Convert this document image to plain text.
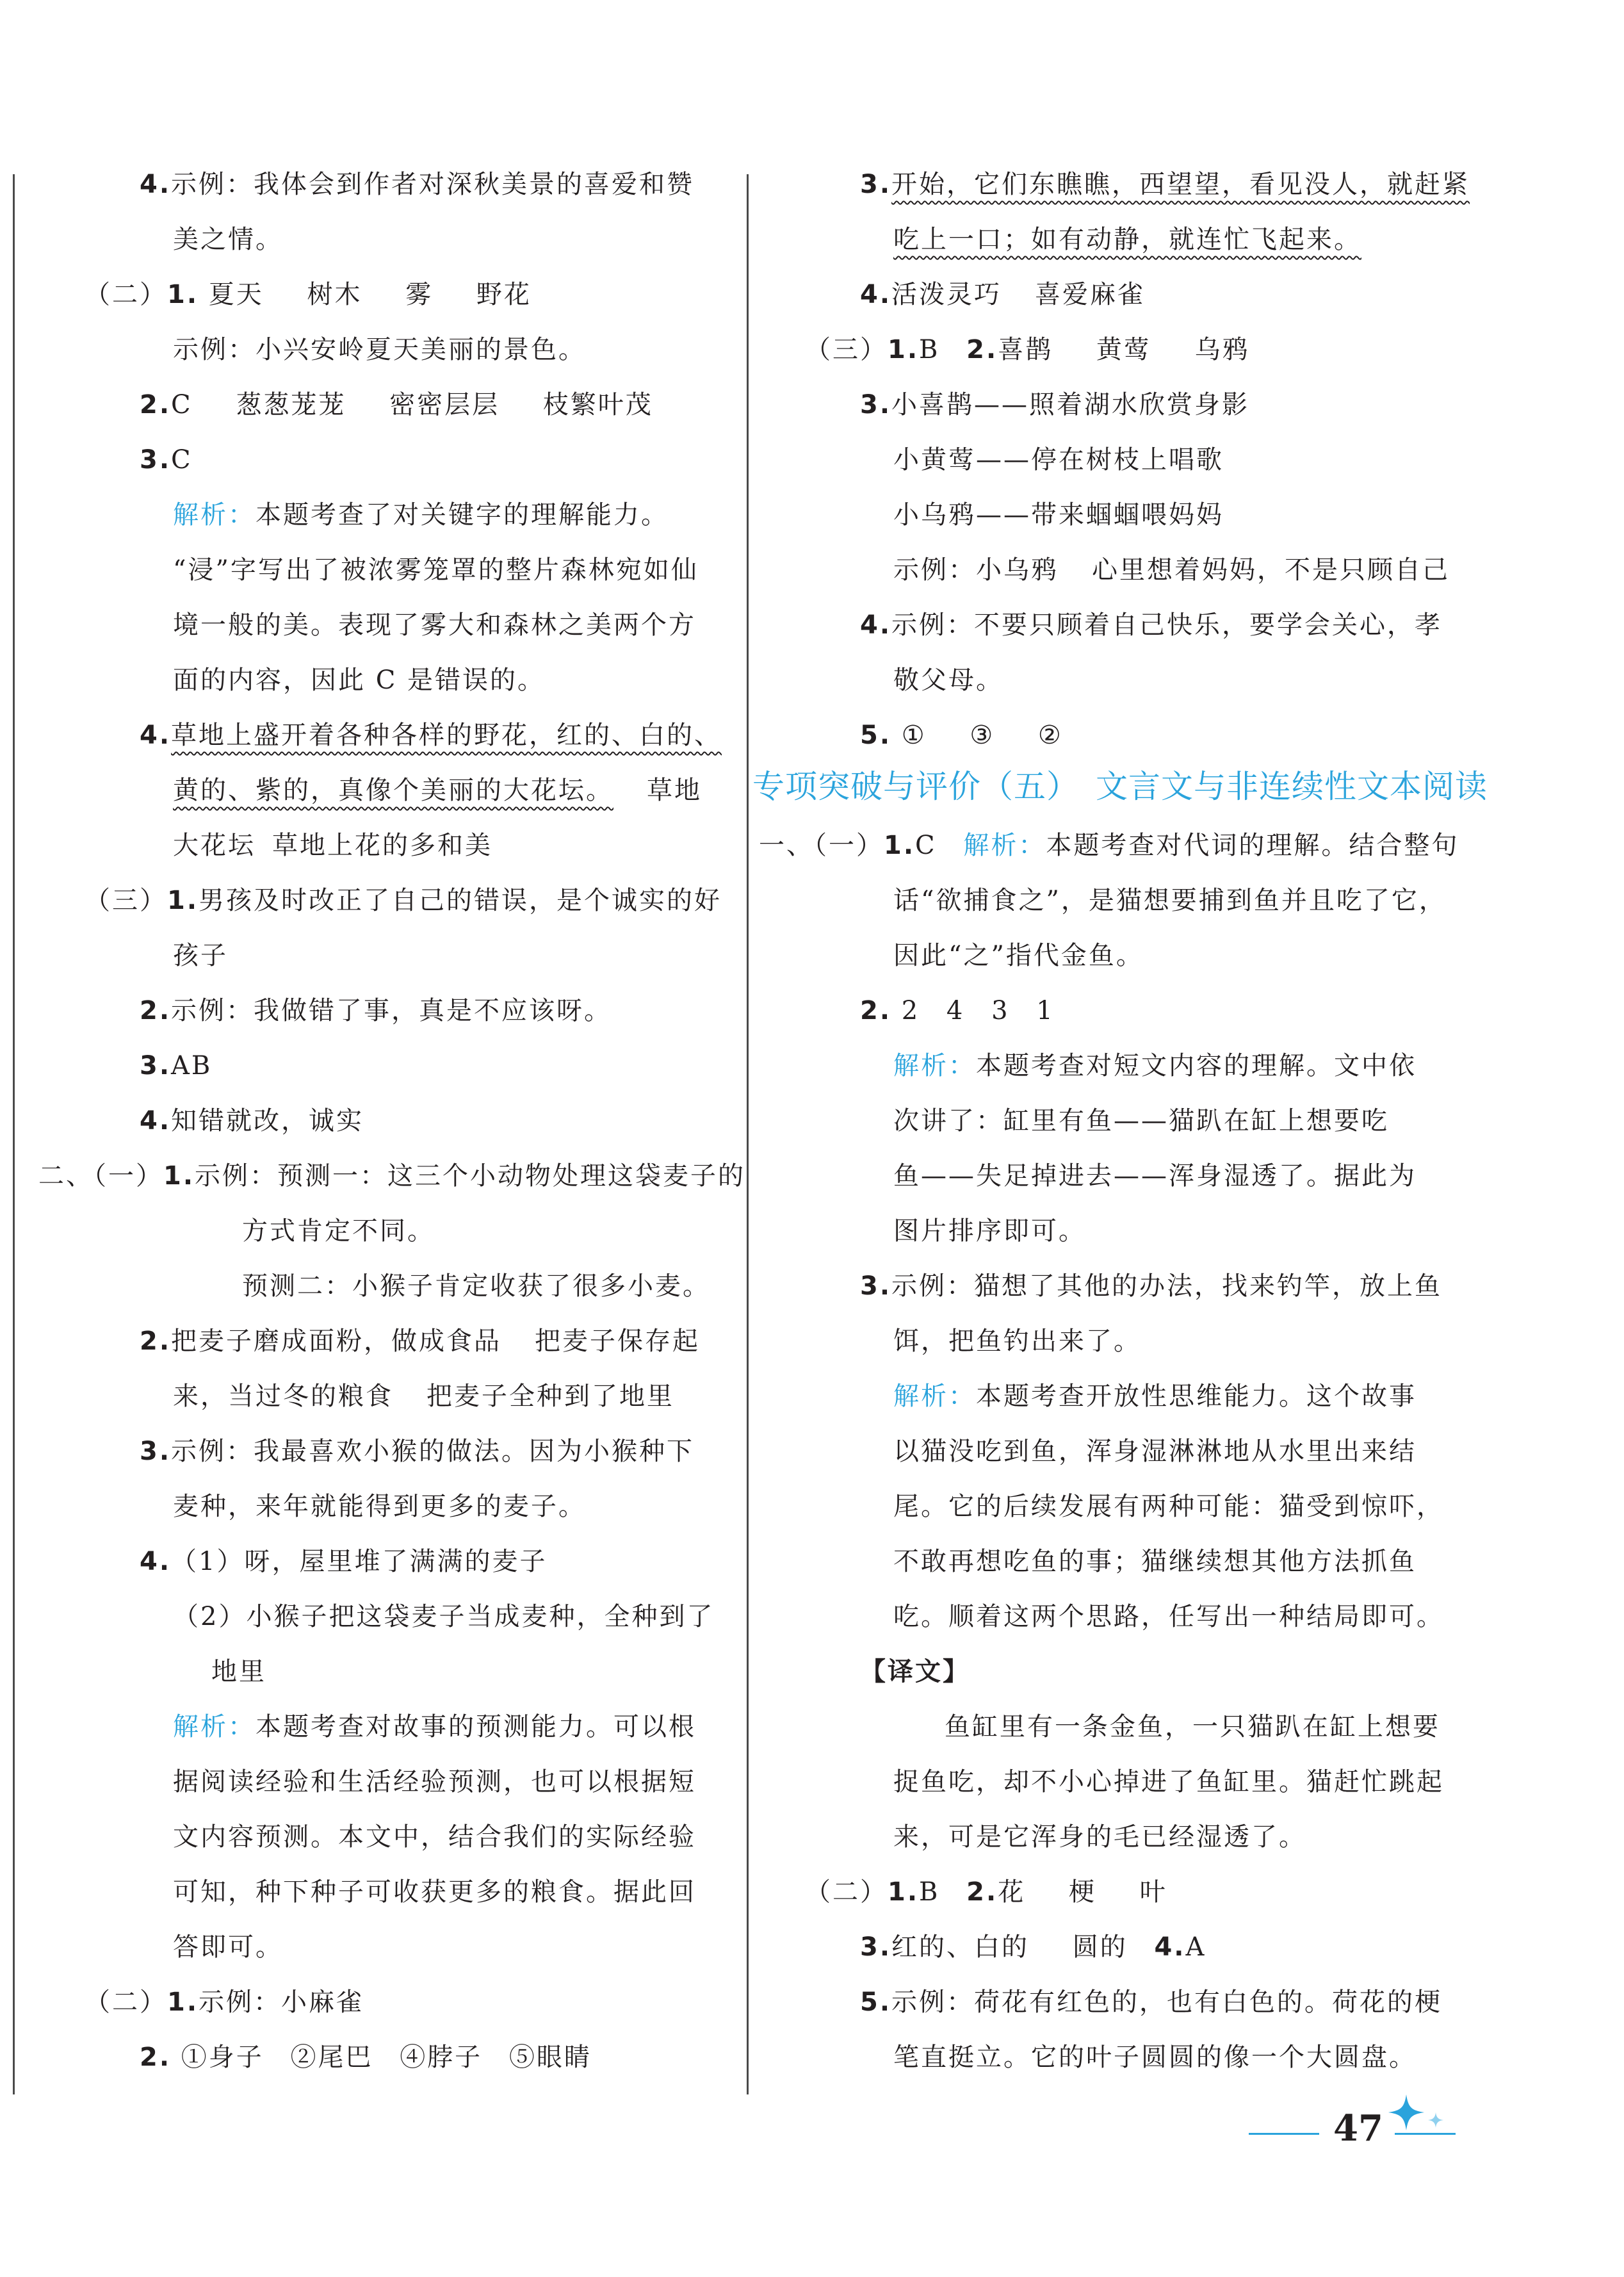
4.示例：我体会到作者对深秋美景的喜爱和赞
美之情。
（二）1. 夏天 树木 雾 野花
示例：小兴安岭夏天美丽的景色。
2.C 葱葱茏茏 密密层层 枝繁叶茂
3.C
解析：本题考查了对关键字的理解能力。
“浸”字写出了被浓雾笼罩的整片森林宛如仙
境一般的美。表现了雾大和森林之美两个方
面的内容，因此 C 是错误的。
4.草地上盛开着各种各样的野花，红的、白的、
黄的、紫的，真像个美丽的大花坛。 草地
大花坛 草地上花的多和美
（三）1.男孩及时改正了自己的错误，是个诚实的好
孩子
2.示例：我做错了事，真是不应该呀。
3.AB
4.知错就改，诚实
二、（一）1.示例：预测一：这三个小动物处理这袋麦子的
方式肯定不同。
预测二：小猴子肯定收获了很多小麦。
2.把麦子磨成面粉，做成食品 把麦子保存起
来，当过冬的粮食 把麦子全种到了地里
3.示例：我最喜欢小猴的做法。因为小猴种下
麦种，来年就能得到更多的麦子。
4.（1）呀，屋里堆了满满的麦子
（2）小猴子把这袋麦子当成麦种，全种到了
地里
解析：本题考查对故事的预测能力。可以根
据阅读经验和生活经验预测，也可以根据短
文内容预测。本文中，结合我们的实际经验
可知，种下种子可收获更多的粮食。据此回
答即可。
（二）1.示例：小麻雀
2. ①身子 ②尾巴 ④脖子 ⑤眼睛
3.开始，它们东瞧瞧，西望望，看见没人，就赶紧
吃上一口；如有动静，就连忙飞起来。
4.活泼灵巧 喜爱麻雀
（三）1.B 2.喜鹊 黄莺 乌鸦
3.小喜鹊——照着湖水欣赏身影
小黄莺——停在树枝上唱歌
小乌鸦——带来蝈蝈喂妈妈
示例：小乌鸦 心里想着妈妈，不是只顾自己
4.示例：不要只顾着自己快乐，要学会关心，孝
敬父母。
5. ① ③ ②
专项突破与评价（五） 文言文与非连续性文本阅读
一、（一）1.C 解析：本题考查对代词的理解。结合整句
话“欲捕食之”，是猫想要捕到鱼并且吃了它，
因此“之”指代金鱼。
2. 2 4 3 1
解析：本题考查对短文内容的理解。文中依
次讲了：缸里有鱼——猫趴在缸上想要吃
鱼——失足掉进去——浑身湿透了。据此为
图片排序即可。
3.示例：猫想了其他的办法，找来钓竿，放上鱼
饵，把鱼钓出来了。
解析：本题考查开放性思维能力。这个故事
以猫没吃到鱼，浑身湿淋淋地从水里出来结
尾。它的后续发展有两种可能：猫受到惊吓，
不敢再想吃鱼的事；猫继续想其他方法抓鱼
吃。顺着这两个思路，任写出一种结局即可。
【译文】
鱼缸里有一条金鱼，一只猫趴在缸上想要
捉鱼吃，却不小心掉进了鱼缸里。猫赶忙跳起
来，可是它浑身的毛已经湿透了。
（二）1.B 2.花 梗 叶
3.红的、白的 圆的 4.A
5.示例：荷花有红色的，也有白色的。荷花的梗
笔直挺立。它的叶子圆圆的像一个大圆盘。
47
